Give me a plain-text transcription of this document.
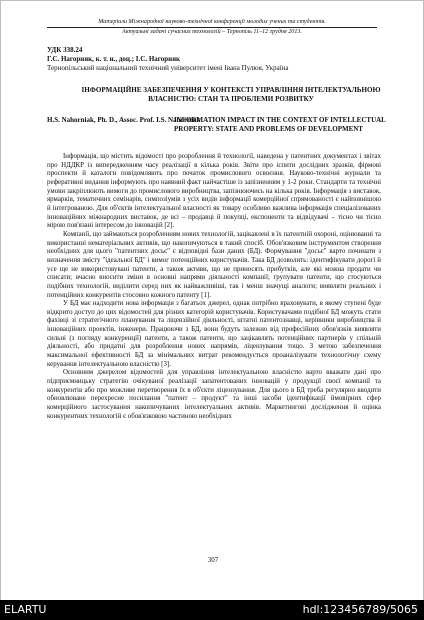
Матеріали Міжнародної науково-технічної конференції молодих учених та студентів.
Актуальні задачі сучасних технологій – Тернопіль 11–12 грудня 2013.
УДК 338.24
Г.С. Нагорняк, к. т. н., доц.; І.С. Нагорняк
Тернопільський національний технічний університет імені Івана Пулюя, Україна
ІНФОРМАЦІЙНЕ ЗАБЕЗПЕЧЕННЯ У КОНТЕКСТІ УПРАВЛІННЯ ІНТЕЛЕКТУАЛЬНОЮ ВЛАСНІСТЮ: СТАН ТА ПРОБЛЕМИ РОЗВИТКУ
H.S. Nahorniak, Ph. D., Assoc. Prof. I.S. Nahorniak
INFORMATION IMPACT IN THE CONTEXT OF INTELLECTUAL PROPERTY: STATE AND PROBLEMS OF DEVELOPMENT

Інформація, що містить відомості про розроблення й технології, наведена у патентних документах і звітах про НДДКР із випередженням часу реалізації в кілька років. Звіти про іспити дослідних зразків, фірмові проспекти й каталоги повідомляють про початок промислового освоєння. Науково-технічні журнали та реферативні видання інформують про наявний факт найчастіше із запізненням у 1-2 роки. Стандарти та технічні умови закріплюють вимоги до промислового виробництва, запізнюючись на кілька років. Інформація з виставок, ярмарків, тематичних семінарів, симпозіумів з усіх видів інформації комерційної спрямованості є найповнішою й інтегрованою. Для об'єктів інтелектуальної власності як товару особливо важлива інформація спеціалізованих інноваційних міжнародних виставок, де всі – продавці й покупці, експоненти та відвідувачі – тісно чи тісно мірою пов'язані інтересом до інновацій [2].

Компанії, що займаються розробленням нових технологій, зацікавлені в їх патентній охороні, оцінюванні та використанні нематеріальних активів, що накопичуються в такий спосіб. Обов'язковим інструментом створення необхідних для цього "патентних досьє" є відповідні бази даних (БД). Формування "досьє" варто починати з визначення змісту "ідеальної БД" і вимог потенційних користувачів. Така БД дозволить: ідентифікувати дорогі й усе ще не використовувані патенти, а також активи, що не приносять прибутків, але які можна продати чи списати; вчасно вносити зміни в основні напрями діяльності компанії; групувати патенти, що стосуються подібних технологій, виділити серед них як найважливіші, так і менш значущі аналоги; виявляти реальних і потенційних конкурентів стосовно кожного патенту [1].

У БД має надходити нова інформація з багатьох джерел, однак потрібно враховувати, в якому ступені буде відкрито доступ до цих відомостей для різних категорій користувачів. Користувачами подібної БД можуть стати фахівці зі стратегічного планування та ліцензійної діяльності, штатні патентознавці, керівники виробництва й інноваційних проектів, інженери. Працюючи з БД, вони будуть залежно від професійних обов'язків виявляти сильні (з погляду конкуренції) патенти, а також патенти, що зацікавлять потенційних партнерів у спільній діяльності, або придатні для розроблення нових напрямів, ліцензування тощо. З метою забезпечення максимальної ефективності БД за мінімальних витрат рекомендується проаналізувати технологічну схему керування інтелектуальною власністю [3].

Основним джерелом відомостей для управління інтелектуальною власністю варто вважати дані про підприємницьку стратегію очікуваної реалізації запатентованих інновацій у продукції своєї компанії та конкурентів або про можливе перетворення їх в об'єкти ліцензування. Для цього в БД треба регулярно вводити обновлюване перехресне посилання "патент – продукт" та інші засоби ідентифікації ймовірних сфер комерційного застосування накопичуваних інтелектуальних активів. Маркетингові дослідження й оцінка конкурентних технологій є обов'язковою частиною необхідних

307
ELARTU	hdl:123456789/5065
